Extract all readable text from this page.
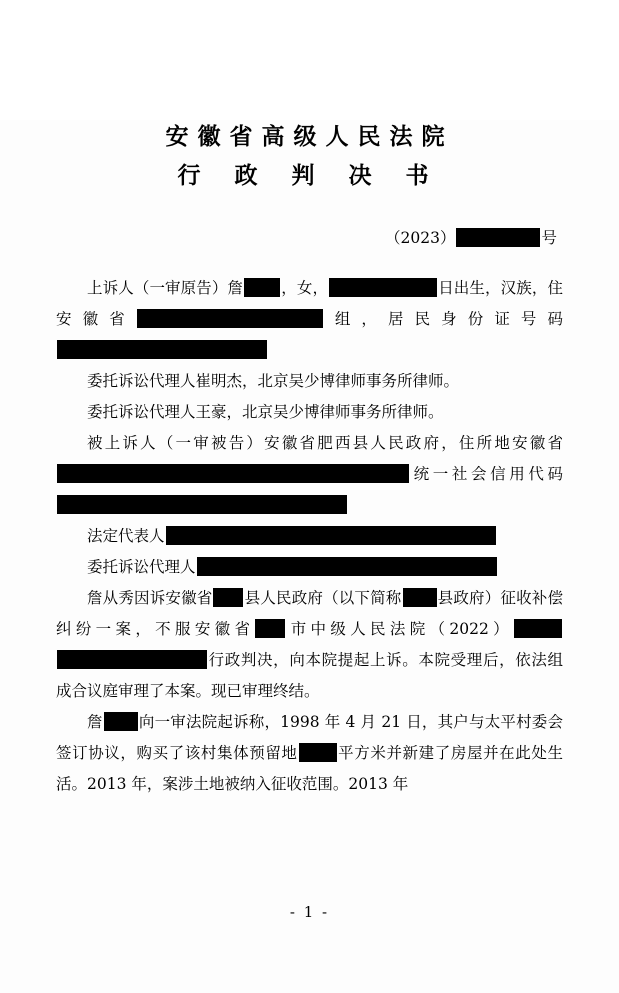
安徽省高级人民法院
行 政 判 决 书
（2023）	号

上诉人（一审原告）詹 ，女，	日出生，汉族，住安徽省	组，居民身份证号码

委托诉讼代理人崔明杰，北京吴少博律师事务所律师。

委托诉讼代理人王豪，北京吴少博律师事务所律师。

被上诉人（一审被告）安徽省肥西县人民政府，住所地安徽省统一社会信用代码

法定代表人

委托诉讼代理人

詹从秀因诉安徽省 县人民政府（以下简称 县政府）征收补偿纠纷一案，不服安徽省 市中级人民法院（2022）行政判决，向本院提起上诉。本院受理后，依法组成合议庭审理了本案。现已审理终结。

詹 向一审法院起诉称，1998 年 4 月 21 日，其户与太平村委会签订协议，购买了该村集体预留地	平方米并新建了房屋并在此处生活。2013 年，案涉土地被纳入征收范围。2013 年

- 1 -
